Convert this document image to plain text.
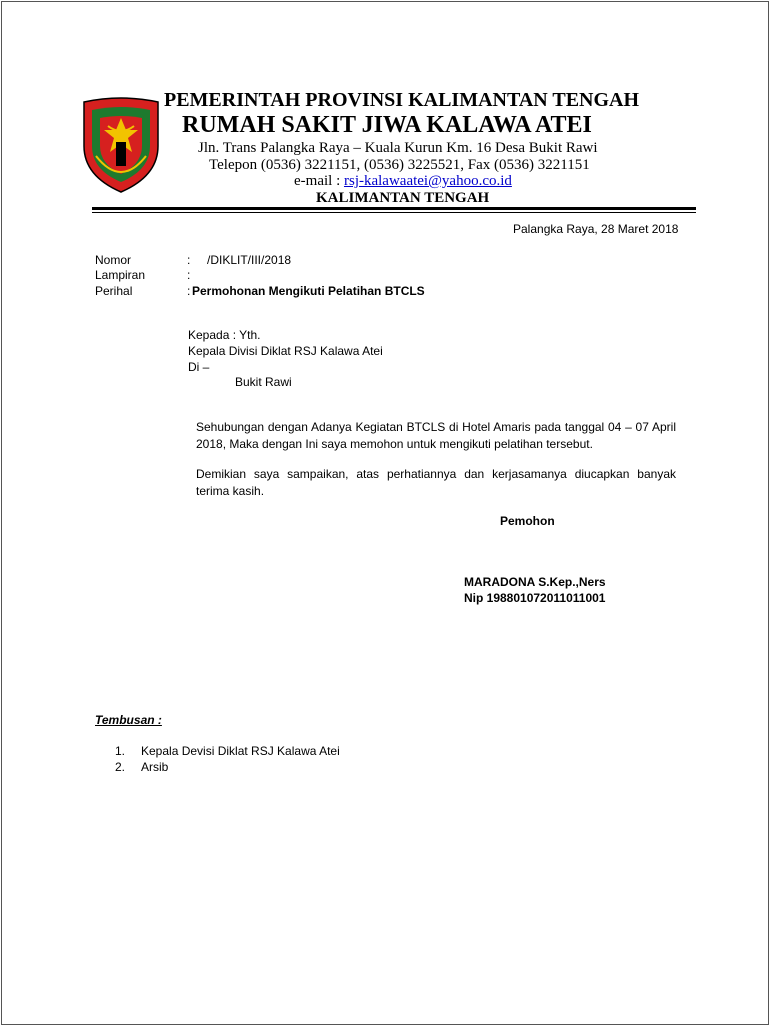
PEMERINTAH PROVINSI KALIMANTAN TENGAH
RUMAH SAKIT JIWA KALAWA ATEI
Jln. Trans Palangka Raya – Kuala Kurun Km. 16 Desa Bukit Rawi
Telepon (0536) 3221151, (0536) 3225521, Fax (0536) 3221151
e-mail : rsj-kalawaatei@yahoo.co.id
KALIMANTAN TENGAH
Palangka Raya, 28 Maret 2018
Nomor	: /DIKLIT/III/2018
Lampiran	:
Perihal	: Permohonan Mengikuti Pelatihan BTCLS
Kepada : Yth.
Kepala Divisi Diklat RSJ Kalawa Atei
Di –
Bukit Rawi
Sehubungan dengan Adanya Kegiatan BTCLS di Hotel Amaris pada tanggal 04 – 07 April 2018, Maka dengan Ini saya memohon untuk mengikuti pelatihan tersebut.
Demikian saya sampaikan, atas perhatiannya dan kerjasamanya diucapkan banyak terima kasih.
Pemohon
MARADONA S.Kep.,Ners
Nip 198801072011011001
Tembusan :
1. Kepala Devisi Diklat RSJ Kalawa Atei
2. Arsib
